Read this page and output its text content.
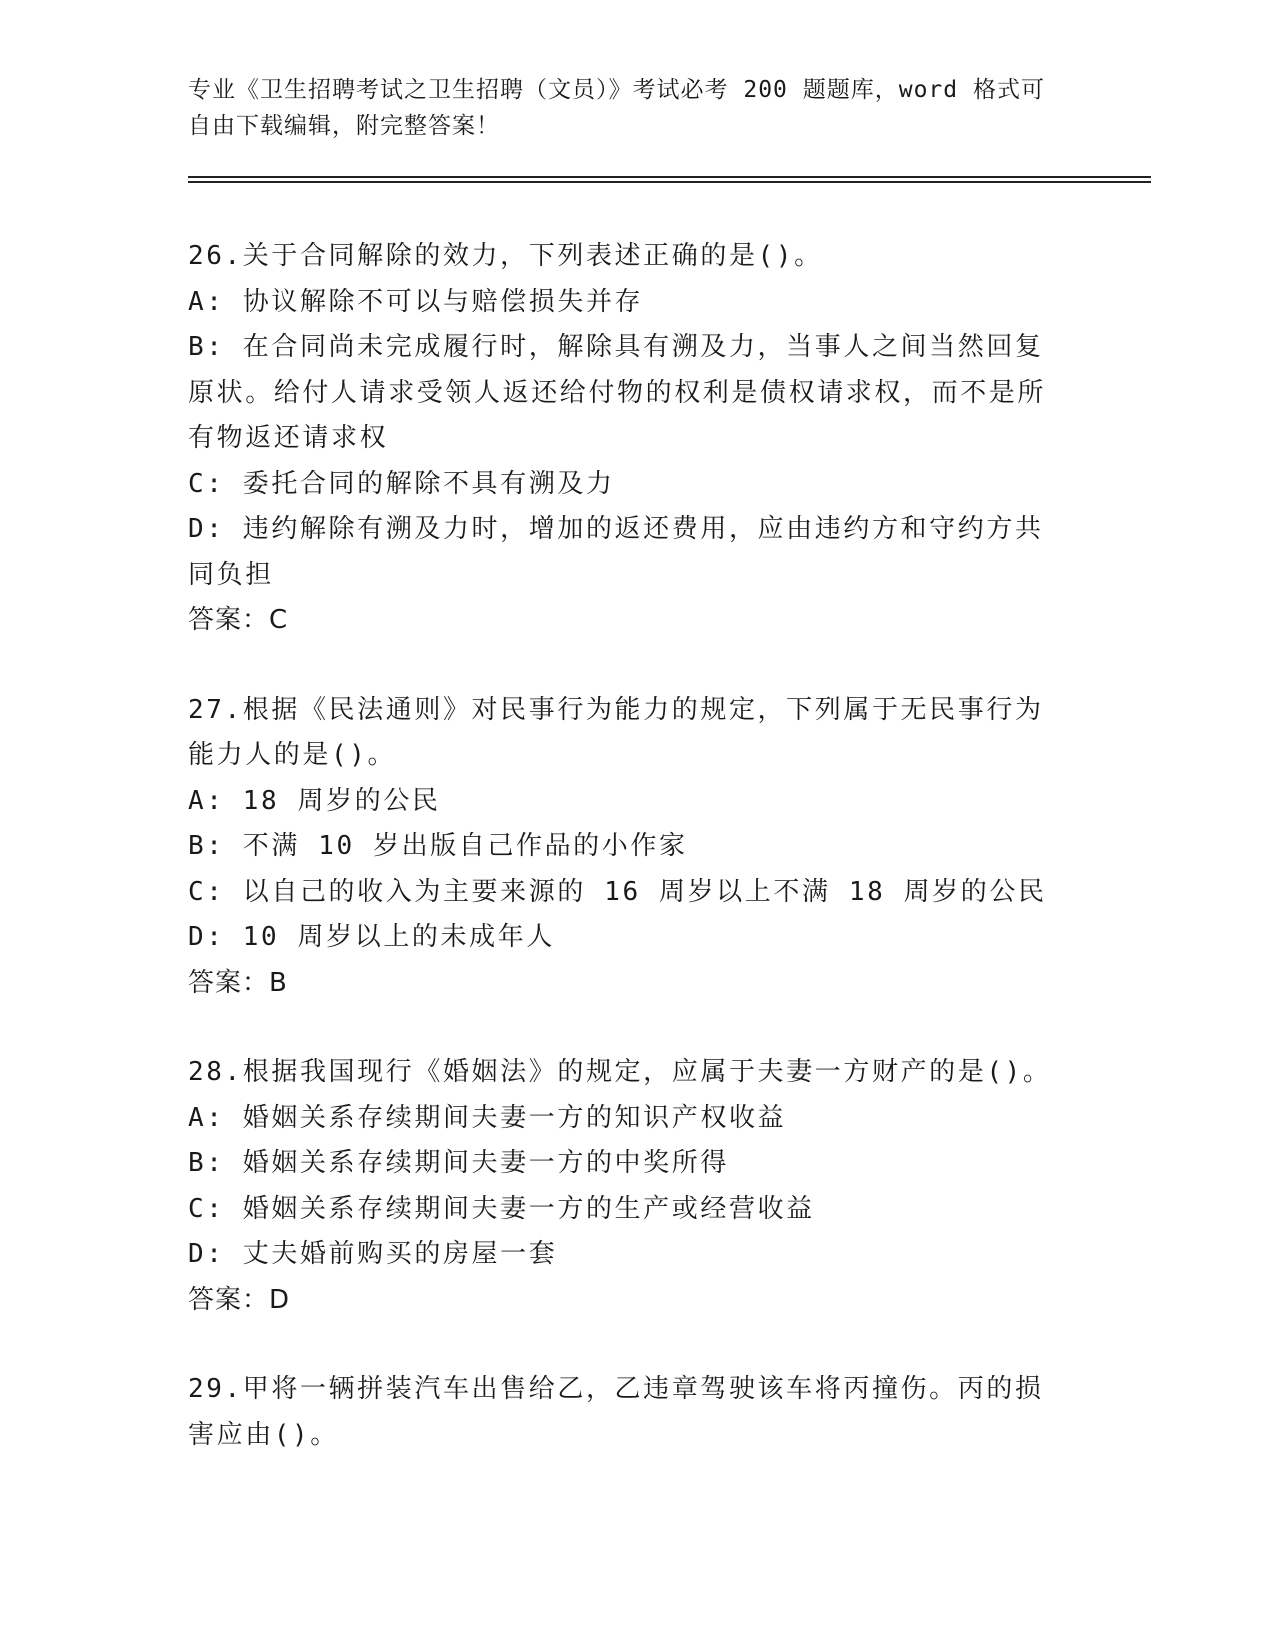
专业《卫生招聘考试之卫生招聘（文员）》考试必考 200 题题库，word 格式可自由下载编辑，附完整答案！

26.关于合同解除的效力，下列表述正确的是()。

A: 协议解除不可以与赔偿损失并存

B: 在合同尚未完成履行时，解除具有溯及力，当事人之间当然回复原状。给付人请求受领人返还给付物的权利是债权请求权，而不是所有物返还请求权

C: 委托合同的解除不具有溯及力

D: 违约解除有溯及力时，增加的返还费用，应由违约方和守约方共同负担

答案：C

27.根据《民法通则》对民事行为能力的规定，下列属于无民事行为能力人的是()。

A: 18 周岁的公民

B: 不满 10 岁出版自己作品的小作家

C: 以自己的收入为主要来源的 16 周岁以上不满 18 周岁的公民

D: 10 周岁以上的未成年人

答案：B

28.根据我国现行《婚姻法》的规定，应属于夫妻一方财产的是()。

A: 婚姻关系存续期间夫妻一方的知识产权收益

B: 婚姻关系存续期间夫妻一方的中奖所得

C: 婚姻关系存续期间夫妻一方的生产或经营收益

D: 丈夫婚前购买的房屋一套

答案：D

29.甲将一辆拼装汽车出售给乙，乙违章驾驶该车将丙撞伤。丙的损害应由()。
